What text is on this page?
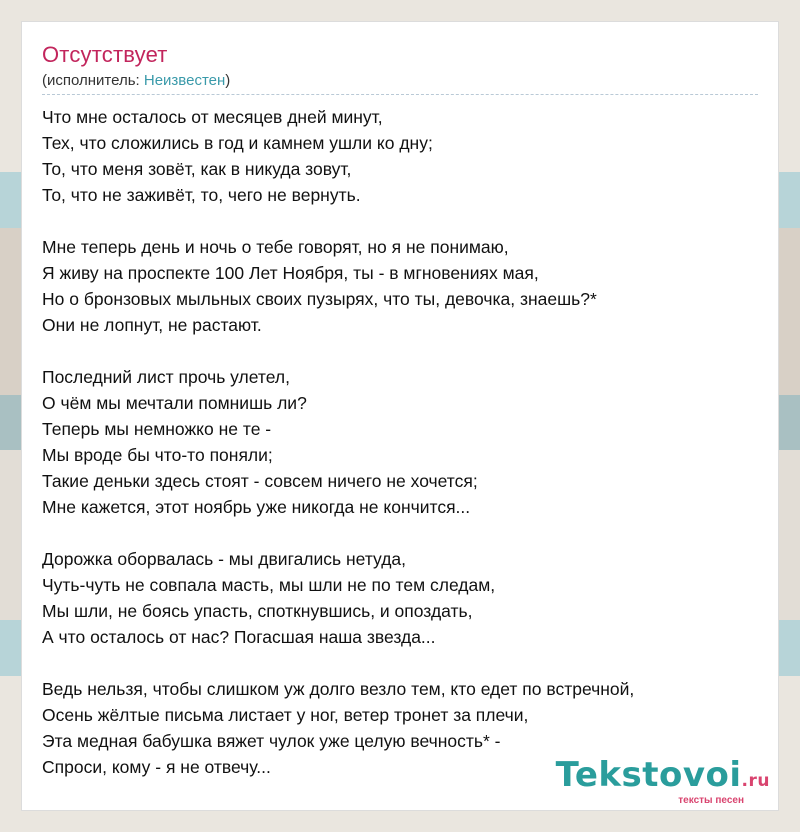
Отсутствует
(исполнитель: Неизвестен)
Что мне осталось от месяцев дней минут,
Тех, что сложились в год и камнем ушли ко дну;
То, что меня зовёт, как в никуда зовут,
То, что не заживёт, то, чего не вернуть.
Мне теперь день и ночь о тебе говорят, но я не понимаю,
Я живу на проспекте 100 Лет Ноября, ты - в мгновениях мая,
Но о бронзовых мыльных своих пузырях, что ты, девочка, знаешь?*
Они не лопнут, не растают.
Последний лист прочь улетел,
О чём мы мечтали помнишь ли?
Теперь мы немножко не те -
Мы вроде бы что-то поняли;
Такие деньки здесь стоят - совсем ничего не хочется;
Мне кажется, этот ноябрь уже никогда не кончится...
Дорожка оборвалась - мы двигались нетуда,
Чуть-чуть не совпала масть, мы шли не по тем следам,
Мы шли, не боясь упасть, споткнувшись, и опоздать,
А что осталось от нас? Погасшая наша звезда...
Ведь нельзя, чтобы слишком уж долго везло тем, кто едет по встречной,
Осень жёлтые письма листает у ног, ветер тронет за плечи,
Эта медная бабушка вяжет чулок уже целую вечность* -
Спроси, кому - я не отвечу...	Tekstovoi.ru
тексты песен
